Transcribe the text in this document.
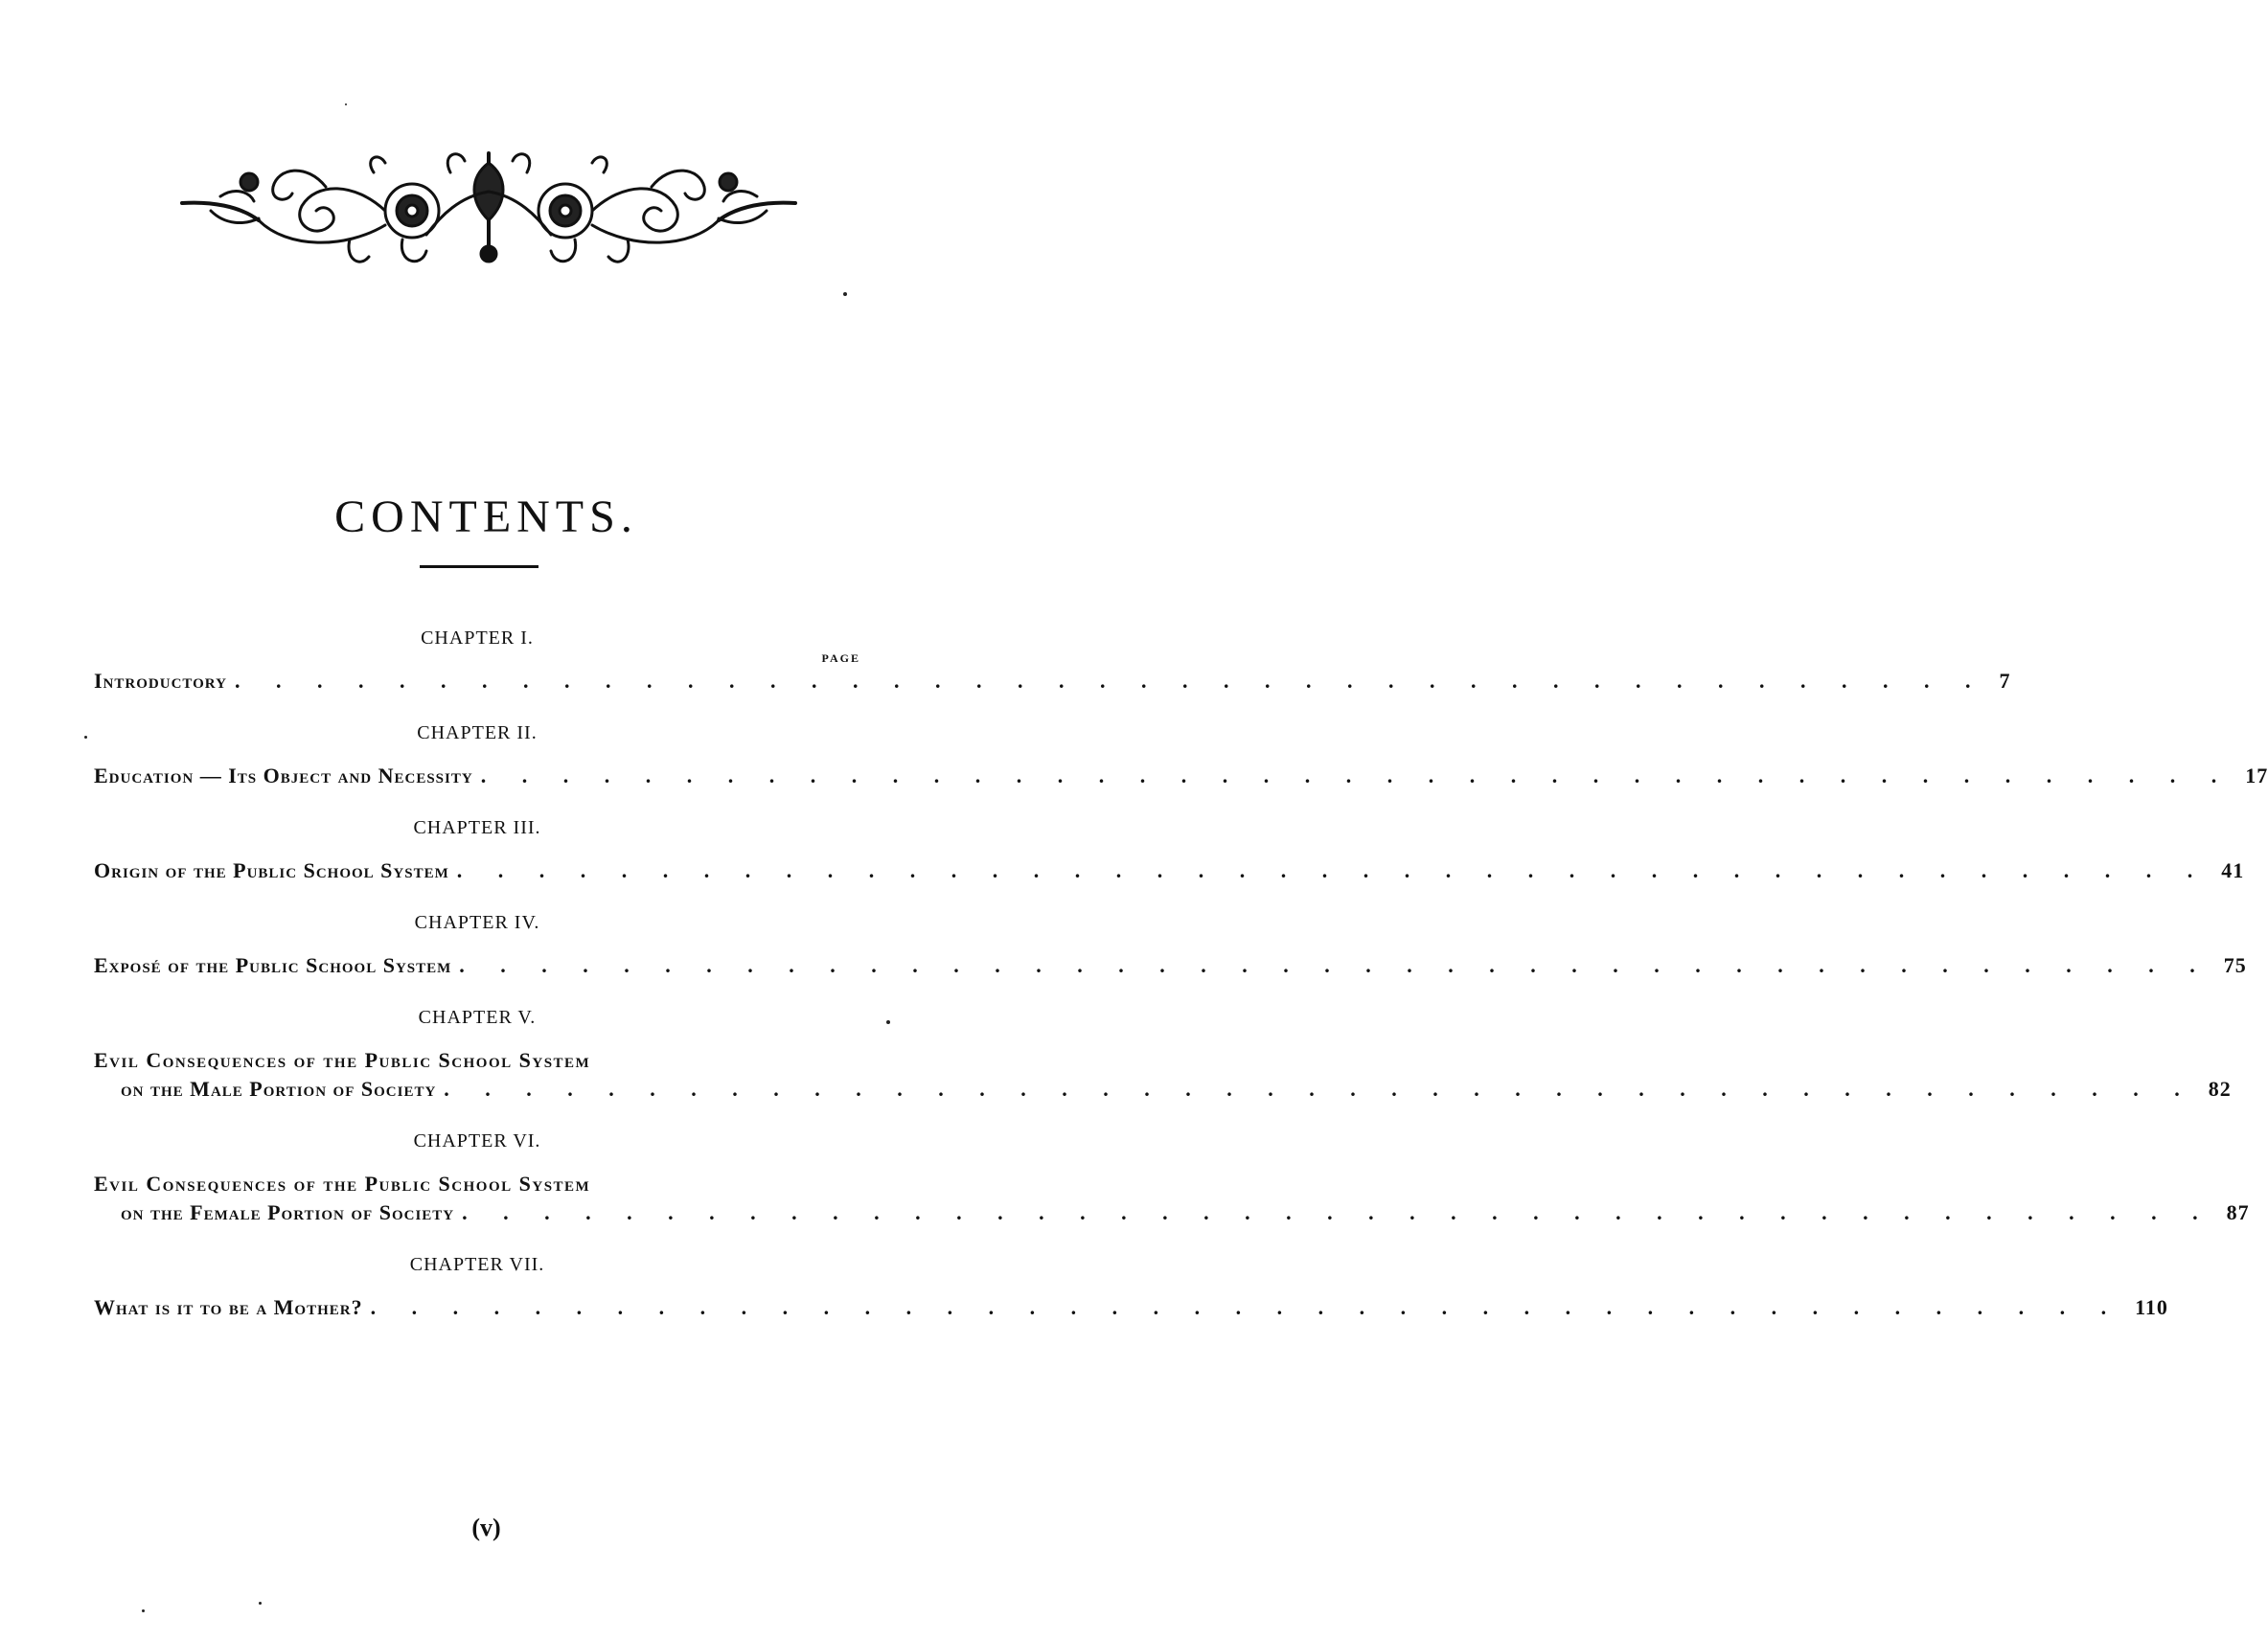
CONTENTS.
CHAPTER I.
PAGE
Introductory . . . . . . . . . . . . . . . . . . . . . . . . . . . . . . . . . . . . . . . . . . . 7
CHAPTER II.
Education — Its Object and Necessity . . . . . . . . . . . . . . . . . . . . . . . . . . . . . . . . . . . . . . . . . . . 17
CHAPTER III.
Origin of the Public School System . . . . . . . . . . . . . . . . . . . . . . . . . . . . . . . . . . . . . . . . . . . 41
CHAPTER IV.
Exposé of the Public School System . . . . . . . . . . . . . . . . . . . . . . . . . . . . . . . . . . . . . . . . . . . 75
CHAPTER V.
Evil Consequences of the Public School System
on the Male Portion of Society . . . . . . . . . . . . . . . . . . . . . . . . . . . . . . . . . . . . . . . . . . . 82
CHAPTER VI.
Evil Consequences of the Public School System
on the Female Portion of Society . . . . . . . . . . . . . . . . . . . . . . . . . . . . . . . . . . . . . . . . . . . 87
CHAPTER VII.
What is it to be a Mother? . . . . . . . . . . . . . . . . . . . . . . . . . . . . . . . . . . . . . . . . . . . 110
(v)
